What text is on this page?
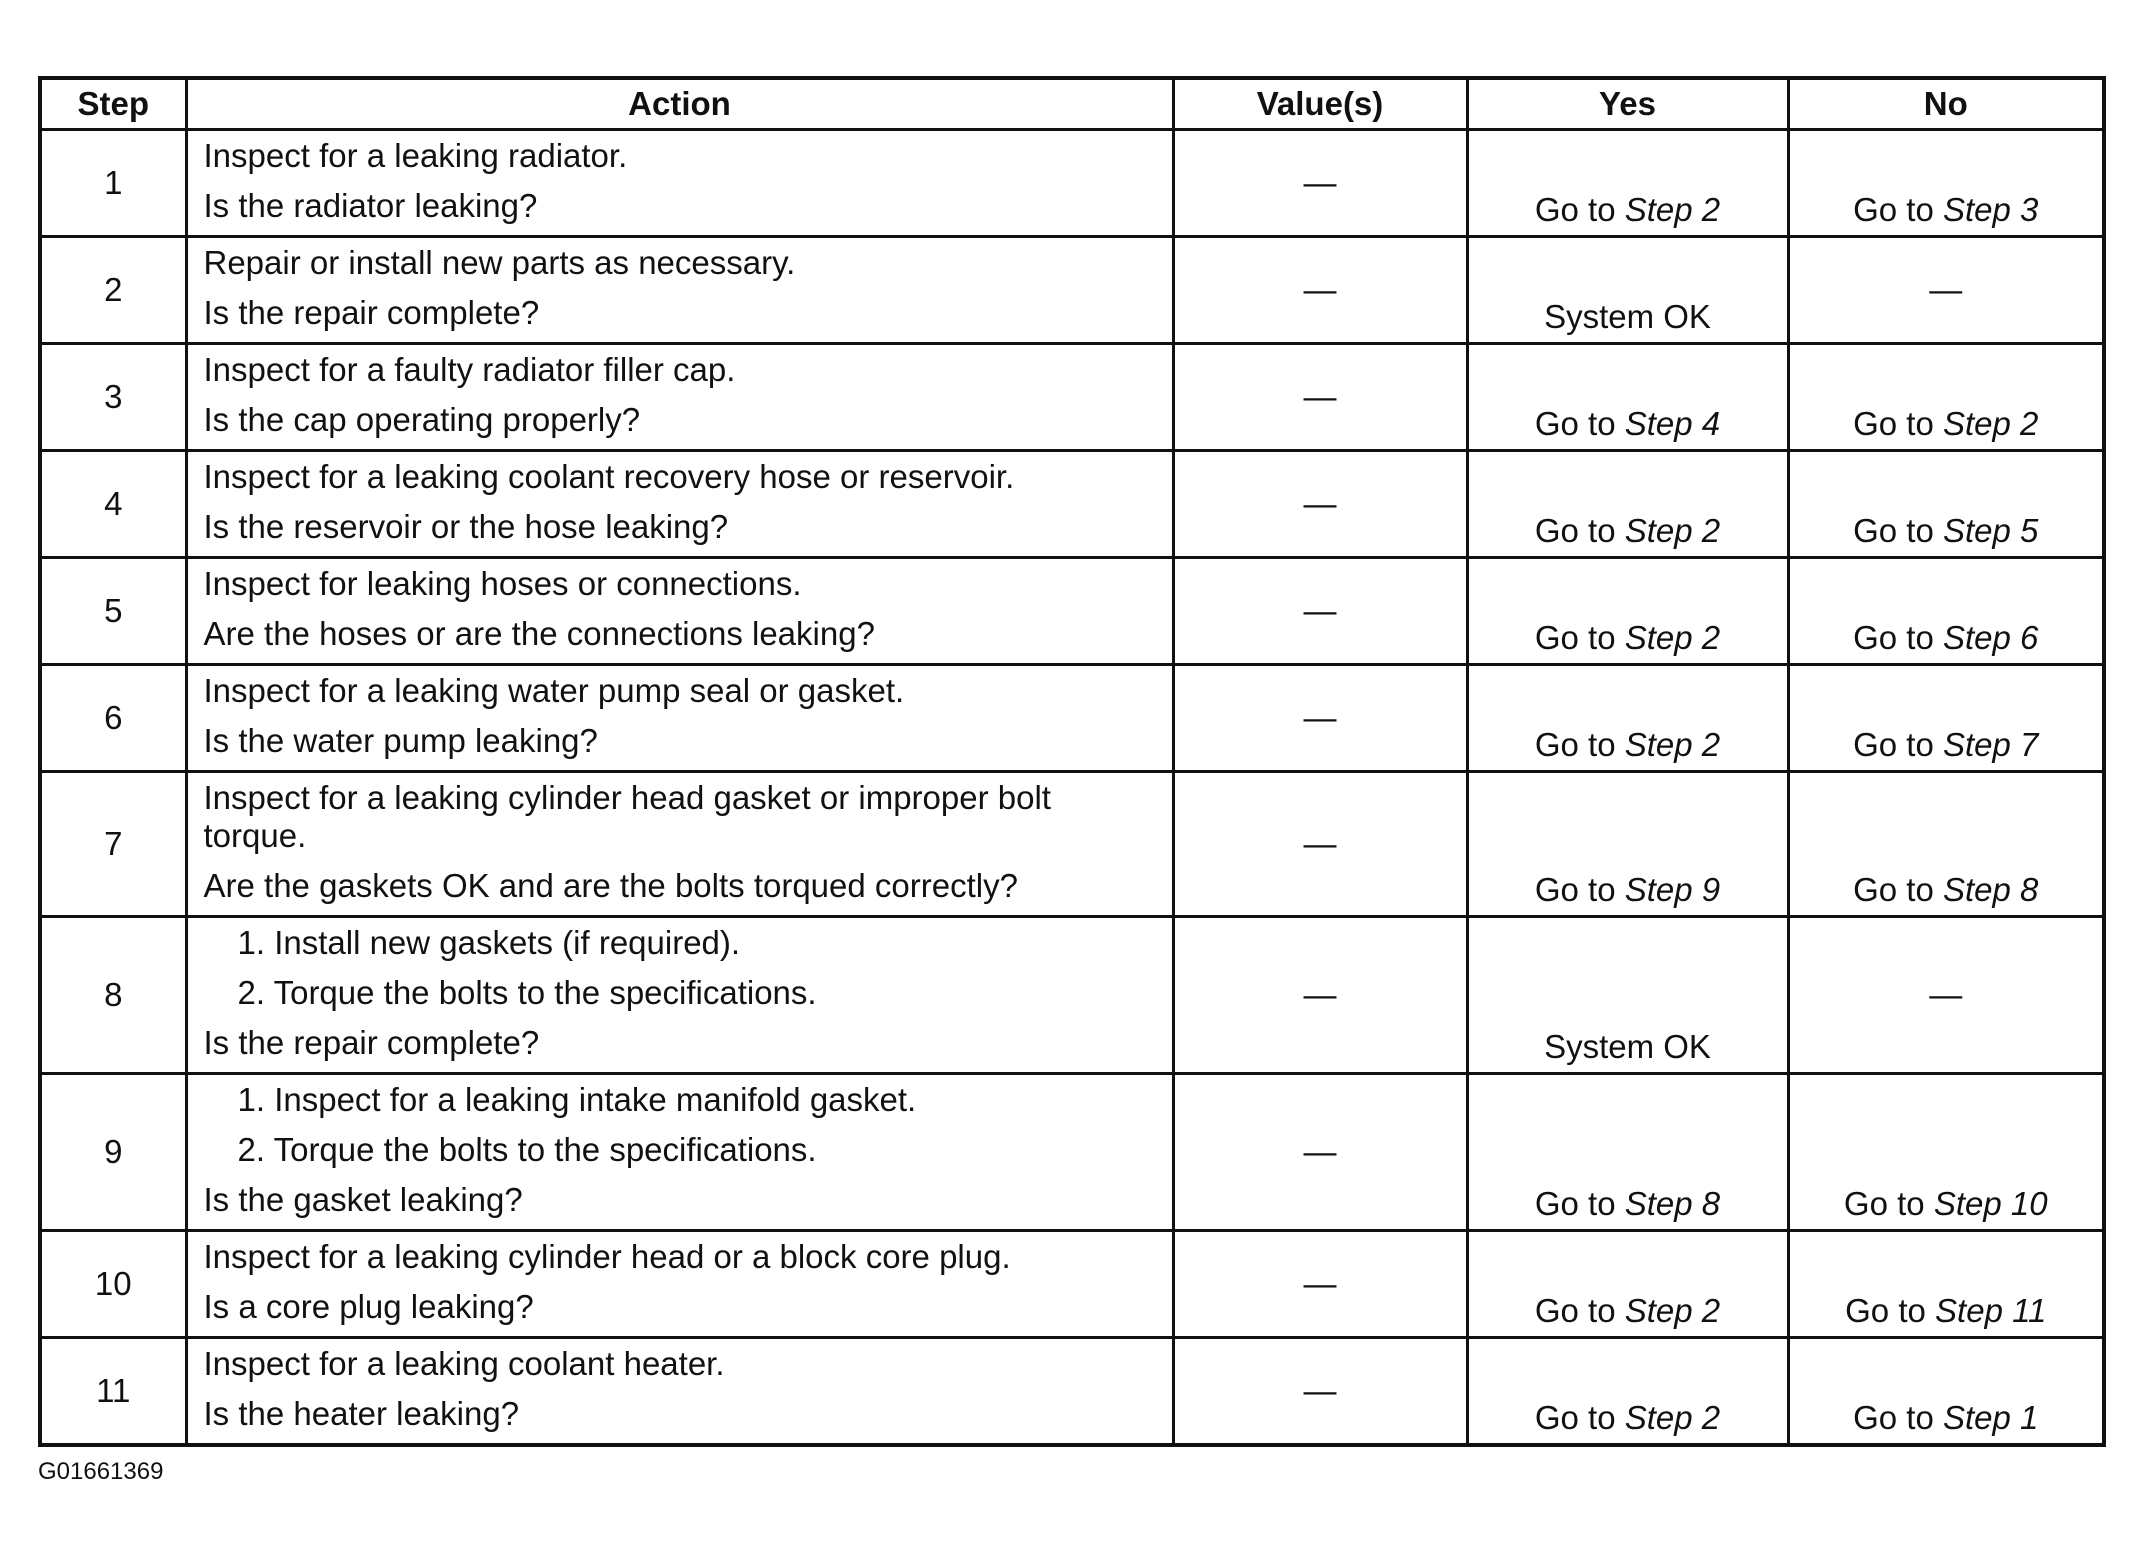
Step	Action	Value(s)	Yes	No
1	Inspect for a leaking radiator.
Is the radiator leaking?	—	Go to Step 2	Go to Step 3
2	Repair or install new parts as necessary.
Is the repair complete?	—	System OK	—
3	Inspect for a faulty radiator filler cap.
Is the cap operating properly?	—	Go to Step 4	Go to Step 2
4	Inspect for a leaking coolant recovery hose or reservoir.
Is the reservoir or the hose leaking?	—	Go to Step 2	Go to Step 5
5	Inspect for leaking hoses or connections.
Are the hoses or are the connections leaking?	—	Go to Step 2	Go to Step 6
6	Inspect for a leaking water pump seal or gasket.
Is the water pump leaking?	—	Go to Step 2	Go to Step 7
7	Inspect for a leaking cylinder head gasket or improper bolt torque.
Are the gaskets OK and are the bolts torqued correctly?	—	Go to Step 9	Go to Step 8
8	1. Install new gaskets (if required).
2. Torque the bolts to the specifications.
Is the repair complete?	—	System OK	—
9	1. Inspect for a leaking intake manifold gasket.
2. Torque the bolts to the specifications.
Is the gasket leaking?	—	Go to Step 8	Go to Step 10
10	Inspect for a leaking cylinder head or a block core plug.
Is a core plug leaking?	—	Go to Step 2	Go to Step 11
11	Inspect for a leaking coolant heater.
Is the heater leaking?	—	Go to Step 2	Go to Step 1
G01661369
